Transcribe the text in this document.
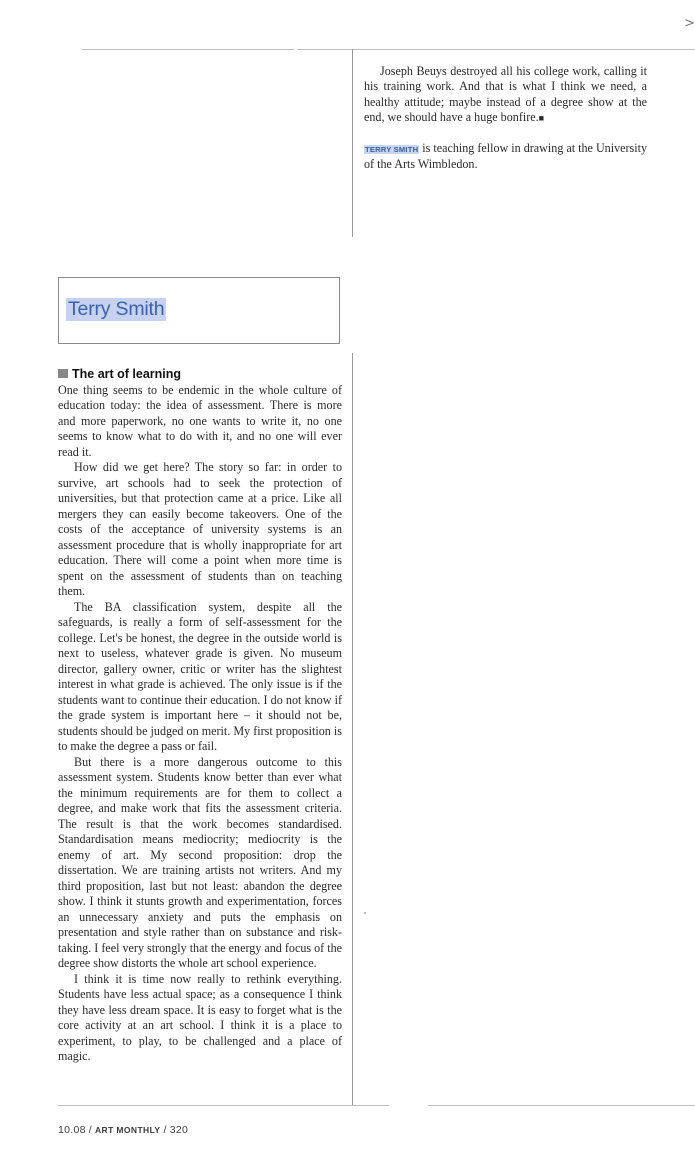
>

Joseph Beuys destroyed all his college work, calling it his training work. And that is what I think we need, a healthy attitude; maybe instead of a degree show at the end, we should have a huge bonfire.■

TERRY SMITH is teaching fellow in drawing at the University of the Arts Wimbledon.

Terry Smith

The art of learning

One thing seems to be endemic in the whole culture of education today: the idea of assessment. There is more and more paperwork, no one wants to write it, no one seems to know what to do with it, and no one will ever read it.

How did we get here? The story so far: in order to survive, art schools had to seek the protection of universities, but that protection came at a price. Like all mergers they can easily become takeovers. One of the costs of the acceptance of university systems is an assessment procedure that is wholly inappropriate for art education. There will come a point when more time is spent on the assessment of students than on teaching them.

The BA classification system, despite all the safeguards, is really a form of self-assessment for the college. Let's be honest, the degree in the outside world is next to useless, whatever grade is given. No museum director, gallery owner, critic or writer has the slightest interest in what grade is achieved. The only issue is if the students want to continue their education. I do not know if the grade system is important here – it should not be, students should be judged on merit. My first proposition is to make the degree a pass or fail.

But there is a more dangerous outcome to this assessment system. Students know better than ever what the minimum requirements are for them to collect a degree, and make work that fits the assessment criteria. The result is that the work becomes standardised. Standardisation means mediocrity; mediocrity is the enemy of art. My second proposition: drop the dissertation. We are training artists not writers. And my third proposition, last but not least: abandon the degree show. I think it stunts growth and experimentation, forces an unnecessary anxiety and puts the emphasis on presentation and style rather than on substance and risk-taking. I feel very strongly that the energy and focus of the degree show distorts the whole art school experience.

I think it is time now really to rethink everything. Students have less actual space; as a consequence I think they have less dream space. It is easy to forget what is the core activity at an art school. I think it is a place to experiment, to play, to be challenged and a place of magic.

10.08 / ART MONTHLY / 320
